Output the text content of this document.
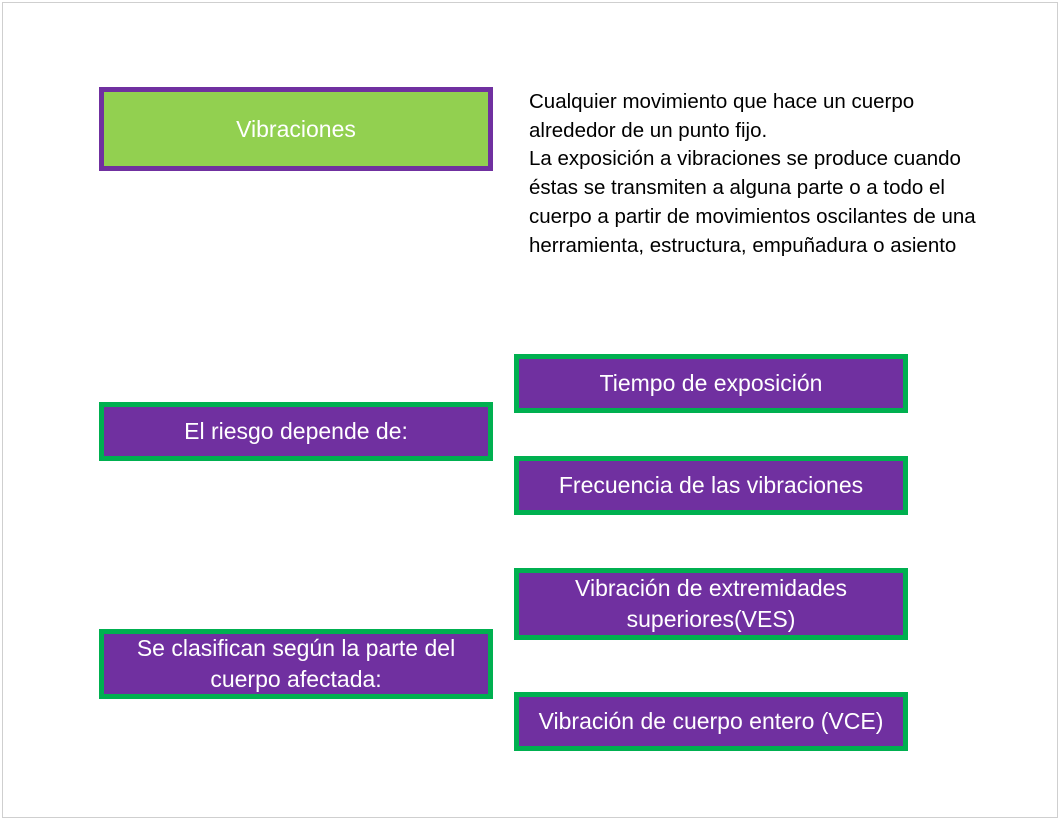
Vibraciones

Cualquier movimiento que hace un cuerpo alrededor de un punto fijo.

La exposición a vibraciones se produce cuando éstas se transmiten a alguna parte o a todo el cuerpo a partir de movimientos oscilantes de una herramienta, estructura, empuñadura o asiento

El riesgo depende de:
Tiempo de exposición
Frecuencia de las vibraciones
Se clasifican según la parte del cuerpo afectada:
Vibración de extremidades superiores(VES)
Vibración de cuerpo entero (VCE)
